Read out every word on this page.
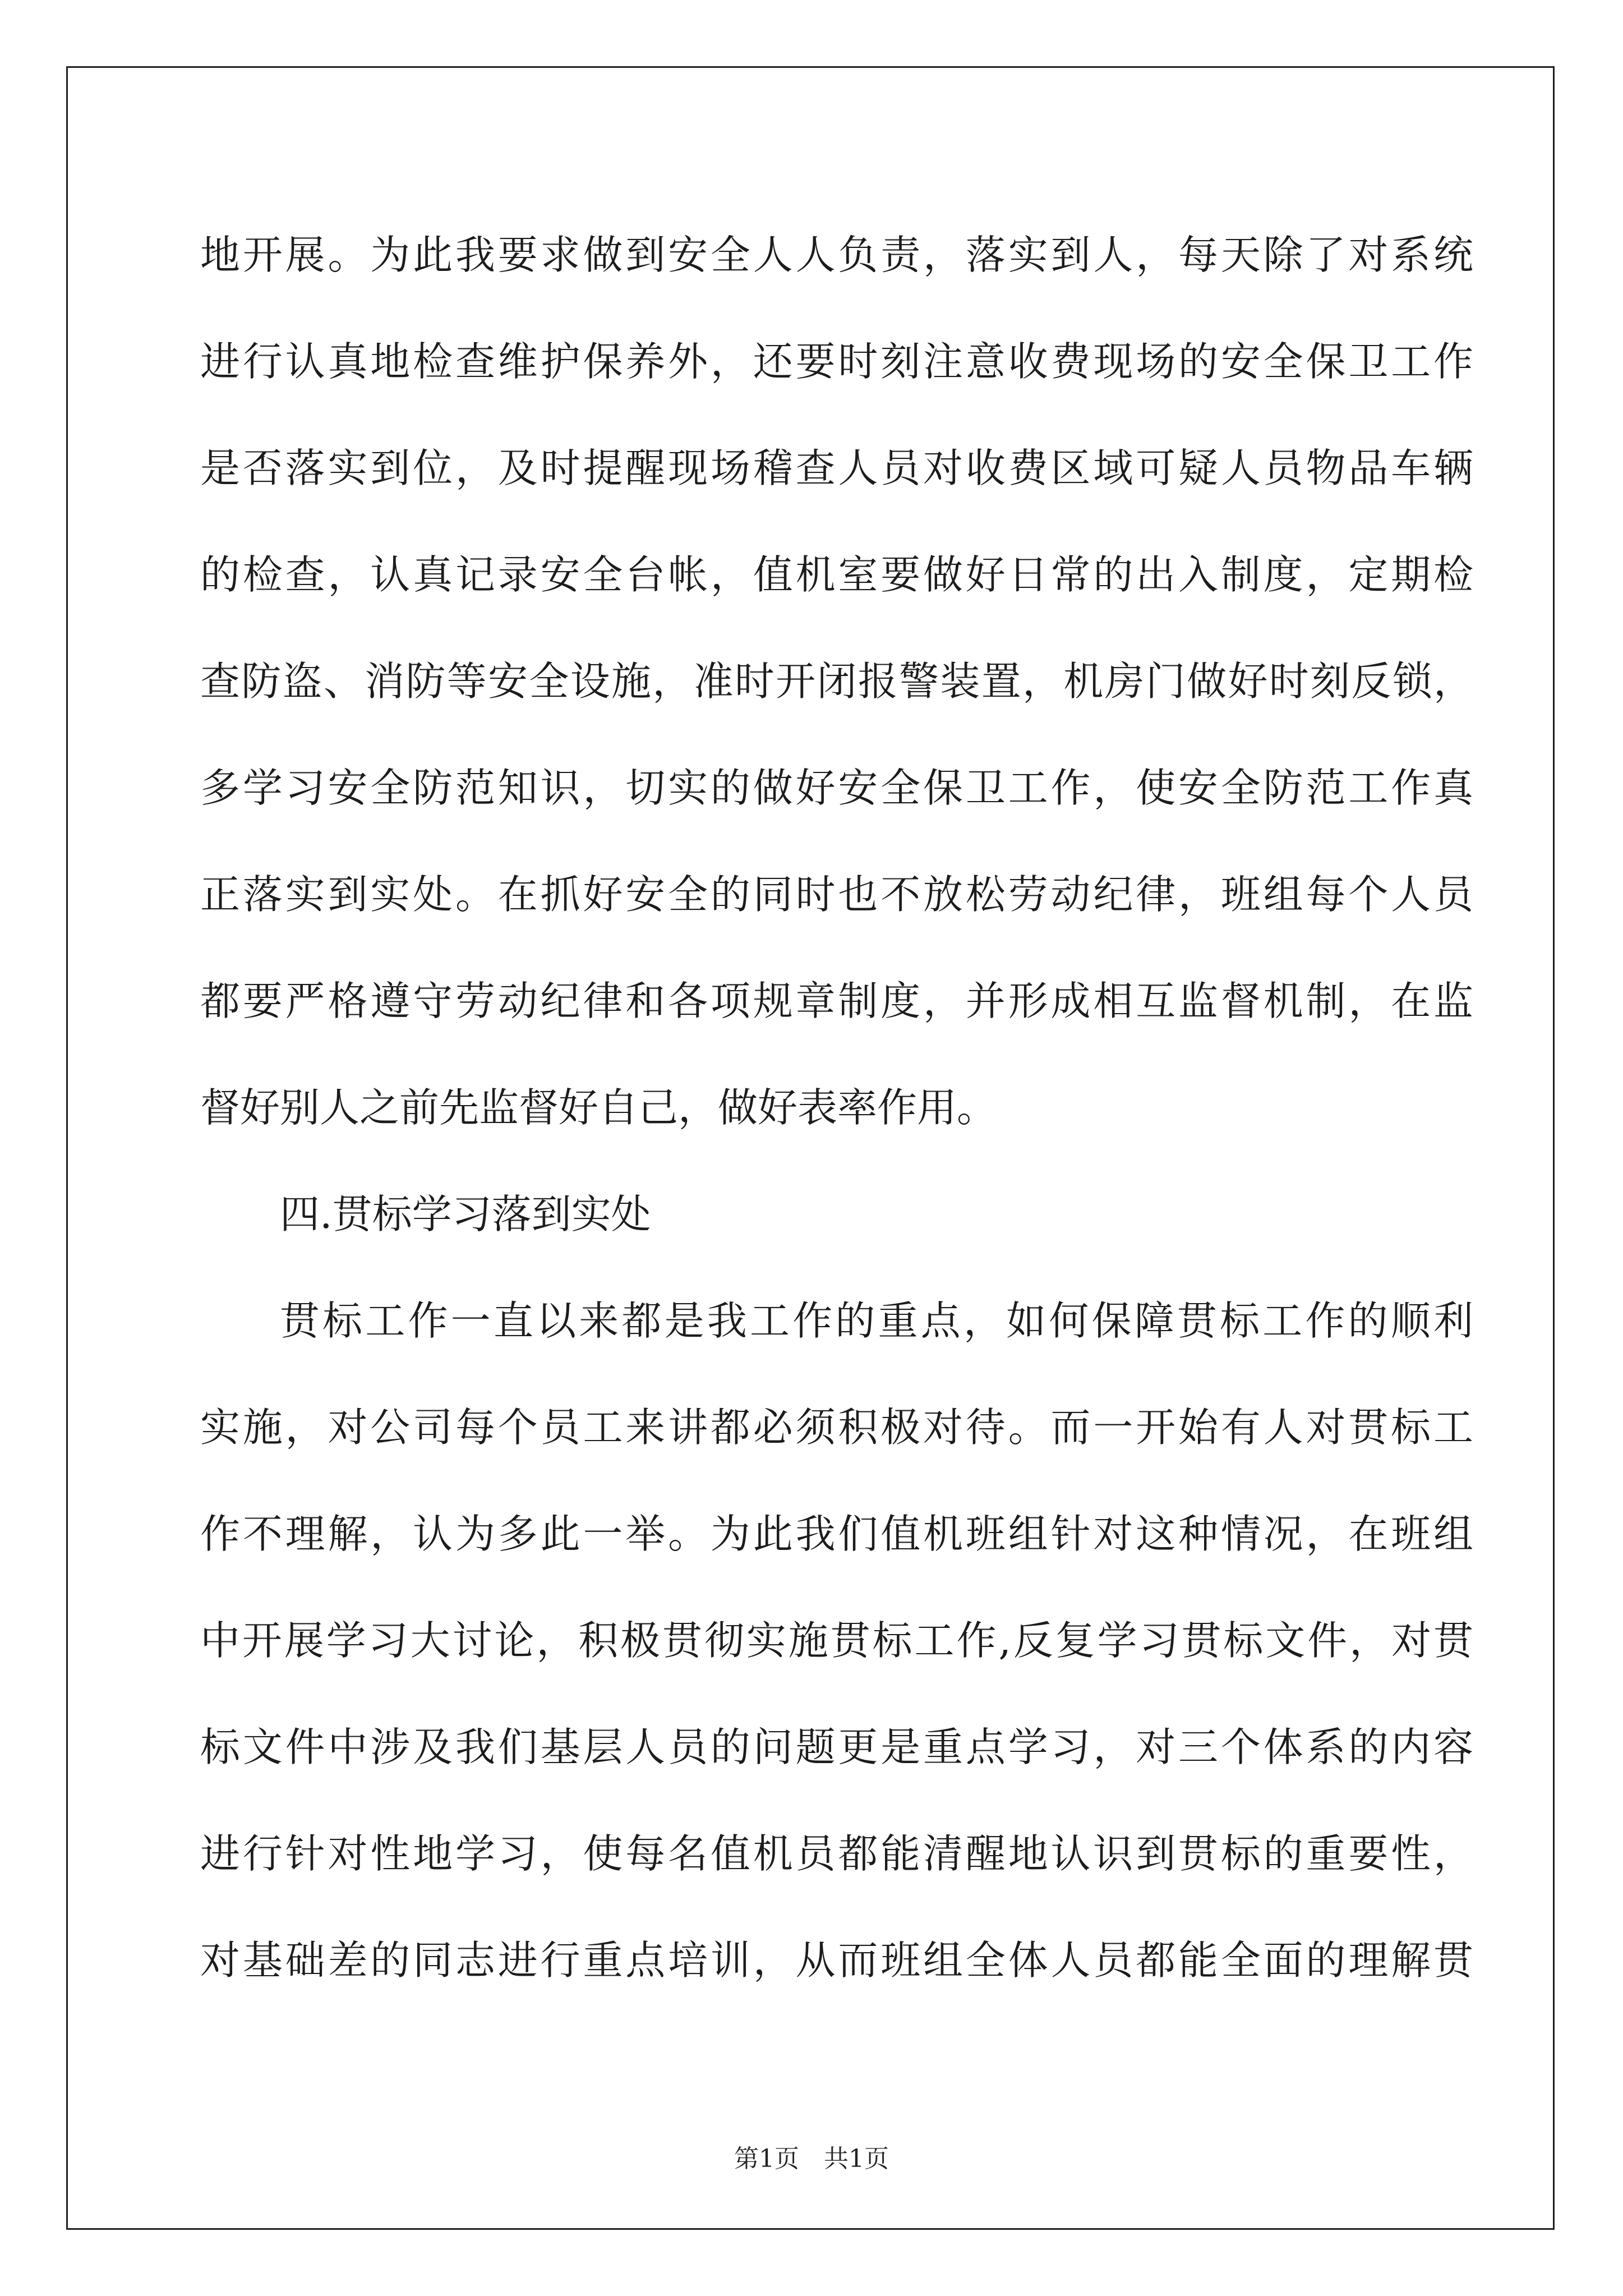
地开展。为此我要求做到安全人人负责，落实到人，每天除了对系统
进行认真地检查维护保养外，还要时刻注意收费现场的安全保卫工作
是否落实到位，及时提醒现场稽查人员对收费区域可疑人员物品车辆
的检查，认真记录安全台帐，值机室要做好日常的出入制度，定期检
查防盗、消防等安全设施，准时开闭报警装置，机房门做好时刻反锁，
多学习安全防范知识，切实的做好安全保卫工作，使安全防范工作真
正落实到实处。在抓好安全的同时也不放松劳动纪律，班组每个人员
都要严格遵守劳动纪律和各项规章制度，并形成相互监督机制，在监
督好别人之前先监督好自己，做好表率作用。
四.贯标学习落到实处
贯标工作一直以来都是我工作的重点，如何保障贯标工作的顺利
实施，对公司每个员工来讲都必须积极对待。而一开始有人对贯标工
作不理解，认为多此一举。为此我们值机班组针对这种情况，在班组
中开展学习大讨论，积极贯彻实施贯标工作,反复学习贯标文件，对贯
标文件中涉及我们基层人员的问题更是重点学习，对三个体系的内容
进行针对性地学习，使每名值机员都能清醒地认识到贯标的重要性，
对基础差的同志进行重点培训，从而班组全体人员都能全面的理解贯
第1页　共1页
